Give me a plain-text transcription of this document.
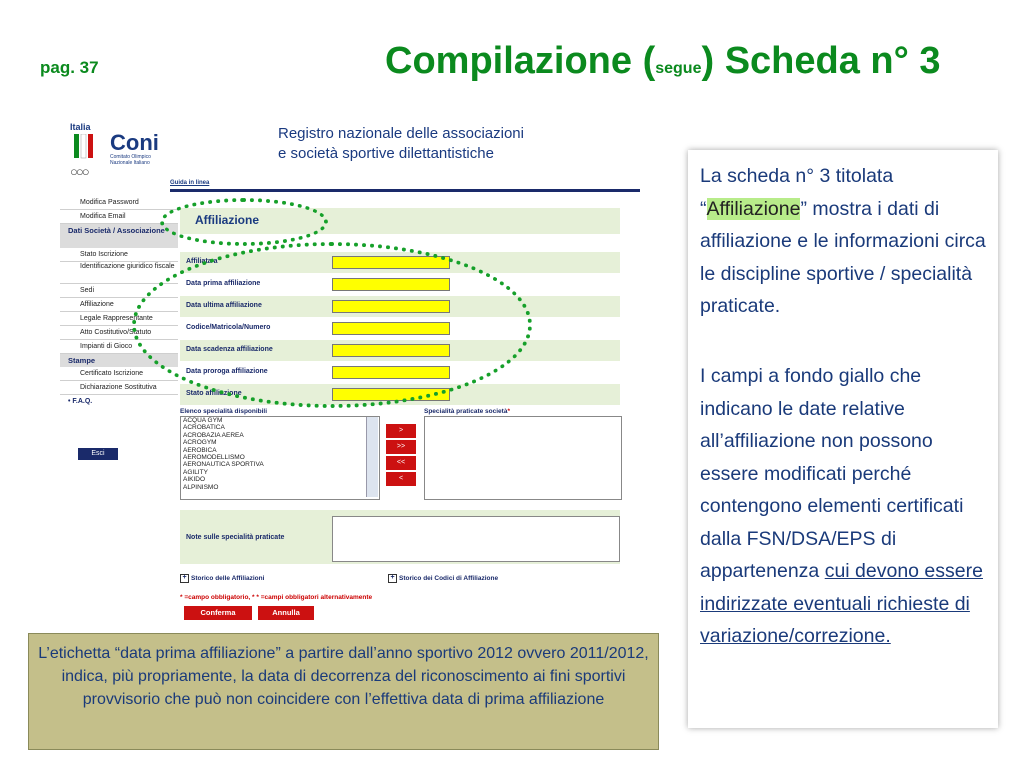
pag. 37	Compilazione (segue) Scheda n° 3
Italia
Coni
Comitato Olimpico Nazionale Italiano
○○○
Registro nazionale delle associazioni
e società sportive dilettantistiche
Guida in linea
Modifica Password
Modifica Email
Dati Società / Associazione
Stato Iscrizione
Identificazione giuridico fiscale
Sedi
Affiliazione
Legale Rappresentante
Atto Costitutivo/Statuto
Impianti di Gioco
Stampe
Certificato Iscrizione
Dichiarazione Sostitutiva
• F.A.Q.
Esci
Affiliazione
Affiliata a
Data prima affiliazione
Data ultima affiliazione
Codice/Matricola/Numero
Data scadenza affiliazione
Data proroga affiliazione
Stato affiliazione
Elenco specialità disponibili	Specialità praticate società*
ACQUA GYM
ACROBATICA
ACROBAZIA AEREA
ACROGYM
AEROBICA
AEROMODELLISMO
AERONAUTICA SPORTIVA
AGILITY
AIKIDO
ALPINISMO
>
>>
<<
<
Note sulle specialità praticate
+ Storico delle Affiliazioni	+ Storico dei Codici di Affiliazione
* =campo obbligatorio, * * =campi obbligatori alternativamente
Conferma	Annulla
La scheda n° 3 titolata “Affiliazione” mostra i dati di affiliazione e le informazioni circa le discipline sportive / specialità praticate.
I campi a fondo giallo che indicano le date relative all’affiliazione non possono essere modificati perché contengono elementi certificati dalla FSN/DSA/EPS di appartenenza cui devono essere indirizzate eventuali richieste di variazione/correzione.
L’etichetta “data prima affiliazione” a partire dall’anno sportivo 2012 ovvero 2011/2012, indica, più propriamente, la data di decorrenza del riconoscimento ai fini sportivi provvisorio che può non coincidere con l’effettiva data di prima affiliazione
